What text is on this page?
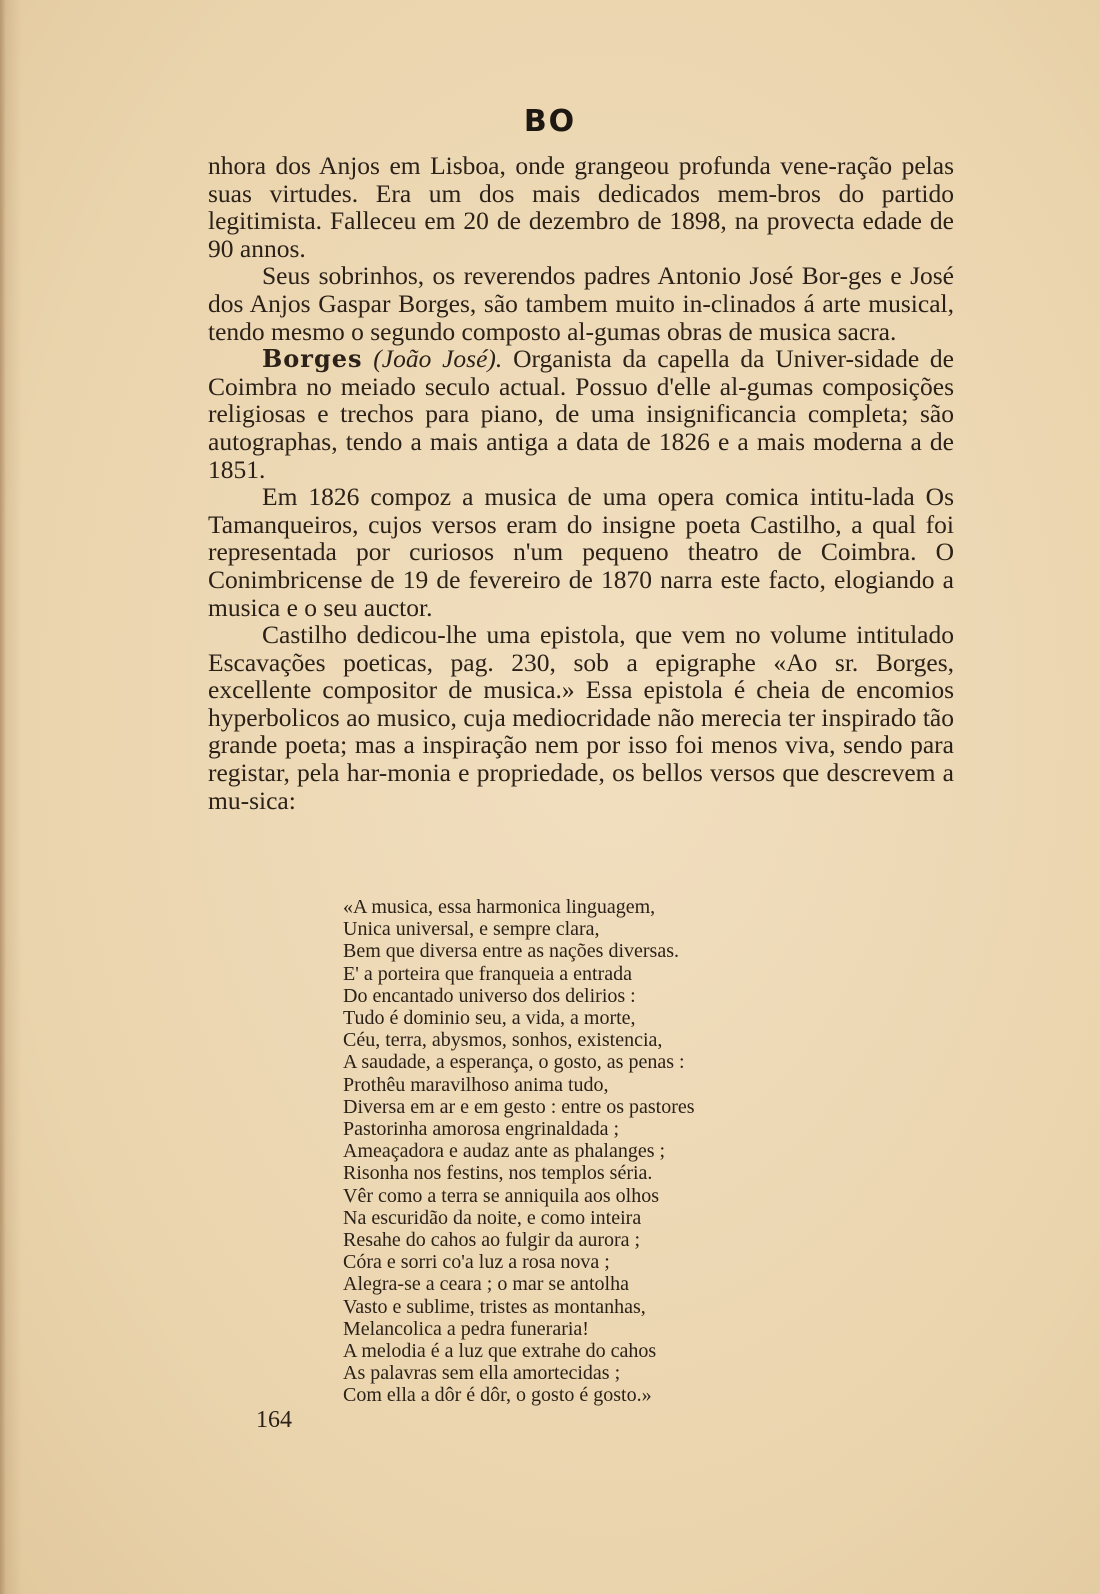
BO

nhora dos Anjos em Lisboa, onde grangeou profunda vene-ração pelas suas virtudes. Era um dos mais dedicados mem-bros do partido legitimista. Falleceu em 20 de dezembro de 1898, na provecta edade de 90 annos.

Seus sobrinhos, os reverendos padres Antonio José Bor-ges e José dos Anjos Gaspar Borges, são tambem muito in-clinados á arte musical, tendo mesmo o segundo composto al-gumas obras de musica sacra.

Borges (João José). Organista da capella da Univer-sidade de Coimbra no meiado seculo actual. Possuo d'elle al-gumas composições religiosas e trechos para piano, de uma insignificancia completa; são autographas, tendo a mais antiga a data de 1826 e a mais moderna a de 1851.

Em 1826 compoz a musica de uma opera comica intitu-lada Os Tamanqueiros, cujos versos eram do insigne poeta Castilho, a qual foi representada por curiosos n'um pequeno theatro de Coimbra. O Conimbricense de 19 de fevereiro de 1870 narra este facto, elogiando a musica e o seu auctor.

Castilho dedicou-lhe uma epistola, que vem no volume intitulado Escavações poeticas, pag. 230, sob a epigraphe «Ao sr. Borges, excellente compositor de musica.» Essa epistola é cheia de encomios hyperbolicos ao musico, cuja mediocridade não merecia ter inspirado tão grande poeta; mas a inspiração nem por isso foi menos viva, sendo para registar, pela har-monia e propriedade, os bellos versos que descrevem a mu-sica:

«A musica, essa harmonica linguagem,
Unica universal, e sempre clara,
Bem que diversa entre as nações diversas.
E' a porteira que franqueia a entrada
Do encantado universo dos delirios :
Tudo é dominio seu, a vida, a morte,
Céu, terra, abysmos, sonhos, existencia,
A saudade, a esperança, o gosto, as penas :
Prothêu maravilhoso anima tudo,
Diversa em ar e em gesto : entre os pastores
Pastorinha amorosa engrinaldada ;
Ameaçadora e audaz ante as phalanges ;
Risonha nos festins, nos templos séria.
Vêr como a terra se anniquila aos olhos
Na escuridão da noite, e como inteira
Resahe do cahos ao fulgir da aurora ;
Córa e sorri co'a luz a rosa nova ;
Alegra-se a ceara ; o mar se antolha
Vasto e sublime, tristes as montanhas,
Melancolica a pedra funeraria!
A melodia é a luz que extrahe do cahos
As palavras sem ella amortecidas ;
Com ella a dôr é dôr, o gosto é gosto.»
164
